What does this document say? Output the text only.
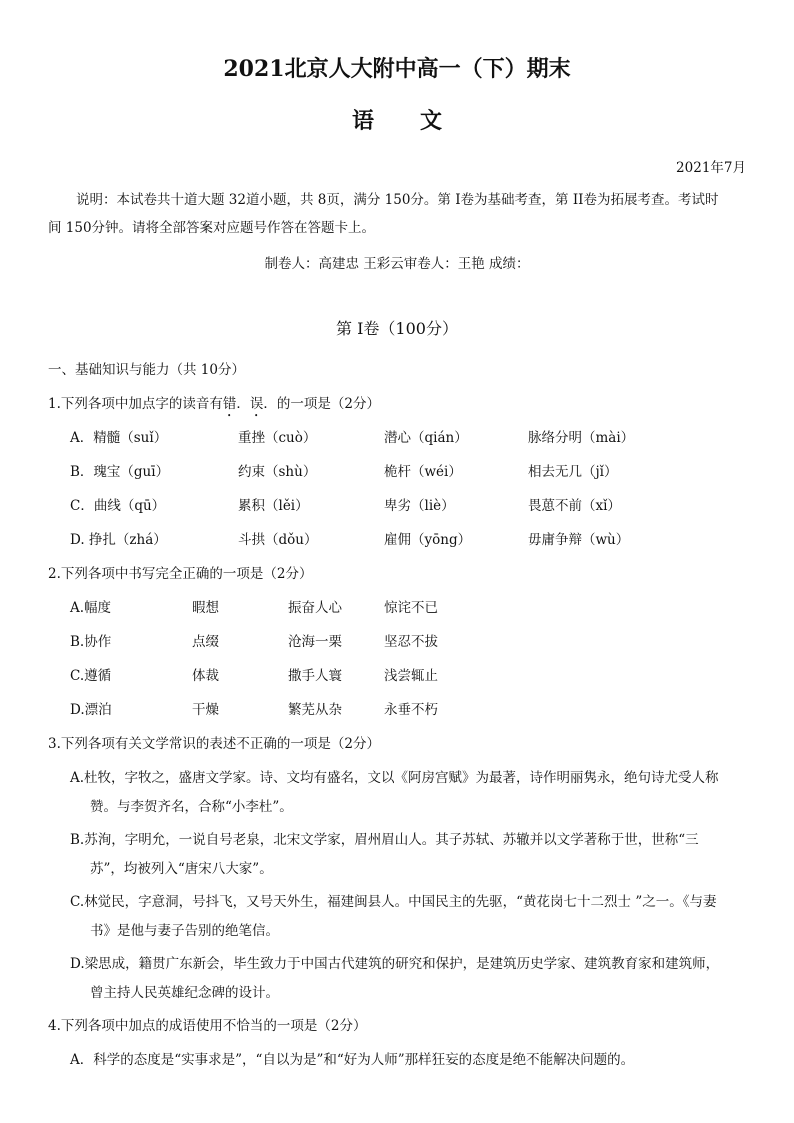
2021北京人大附中高一（下）期末
语文
2021年7月
说明：本试卷共十道大题 32道小题，共 8页，满分 150分。第 I卷为基础考查，第 II卷为拓展考查。考试时
间 150分钟。请将全部答案对应题号作答在答题卡上。
制卷人：高建忠 王彩云审卷人：王艳 成绩：
第 I卷（100分）
一、基础知识与能力（共 10分）
1.下列各项中加点字的读音有错．误．的一项是（2分）
A．精髓（suǐ）	重挫（cuò）	潜心（qián）	脉络分明（mài）
B．瑰宝（guī）	约束（shù）	桅杆（wéi）	相去无几（jǐ）
C．曲线（qū）	累积（lěi）	卑劣（liè）	畏葸不前（xǐ）
D. 挣扎（zhá）	斗拱（dǒu）	雇佣（yōng）	毋庸争辩（wù）
2.下列各项中书写完全正确的一项是（2分）
A.幅度	暇想	振奋人心	惊诧不已
B.协作	点缀	沧海一栗	坚忍不拔
C.遵循	体裁	撒手人寰	浅尝辄止
D.漂泊	干燥	繁芜从杂	永垂不朽
3.下列各项有关文学常识的表述不正确的一项是（2分）
A.杜牧，字牧之，盛唐文学家。诗、文均有盛名，文以《阿房宫赋》为最著，诗作明丽隽永，绝句诗尤受人称
赞。与李贺齐名，合称“小李杜”。
B.苏洵，字明允，一说自号老泉，北宋文学家，眉州眉山人。其子苏轼、苏辙并以文学著称于世，世称“三
苏”，均被列入“唐宋八大家”。
C.林觉民，字意洞，号抖飞，又号天外生，福建闽县人。中国民主的先驱，“黄花岗七十二烈士 ”之一。《与妻
书》是他与妻子告别的绝笔信。
D.梁思成，籍贯广东新会，毕生致力于中国古代建筑的研究和保护，是建筑历史学家、建筑教育家和建筑师，
曾主持人民英雄纪念碑的设计。
4.下列各项中加点的成语使用不恰当的一项是（2分）
A．科学的态度是“实事求是”，“自以为是”和“好为人师”那样狂妄的态度是绝不能解决问题的。
